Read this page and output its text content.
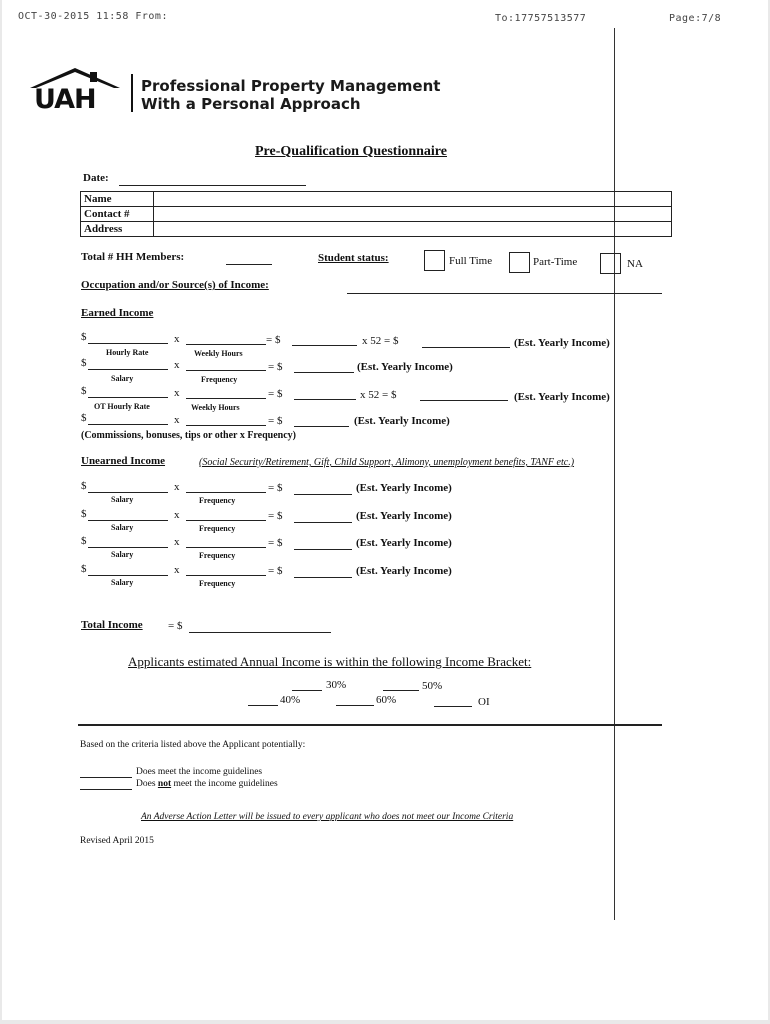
OCT-30-2015 11:58 From:	To:17757513577	Page:7/8
UAH	Professional Property Management
With a Personal Approach
Pre-Qualification Questionnaire
Date:
Name	
Contact #	
Address	
Total # HH Members:	Student status:	Full Time	Part-Time	NA
Occupation and/or Source(s) of Income:
Earned Income
$	x	= $	x 52 = $	(Est. Yearly Income)
Hourly Rate	Weekly Hours
$	x	= $	(Est. Yearly Income)
Salary	Frequency
$	x	= $	x 52 = $	(Est. Yearly Income)
OT Hourly Rate	Weekly Hours
$	x	= $	(Est. Yearly Income)
(Commissions, bonuses, tips or other x Frequency)
Unearned Income	(Social Security/Retirement, Gift, Child Support, Alimony, unemployment benefits, TANF etc.)
$	x	= $	(Est. Yearly Income)
Salary	Frequency
$	x	= $	(Est. Yearly Income)
Salary	Frequency
$	x	= $	(Est. Yearly Income)
Salary	Frequency
$	x	= $	(Est. Yearly Income)
Salary	Frequency
Total Income = $
Applicants estimated Annual Income is within the following Income Bracket:
30%	50%
40%	60%	OI
Based on the criteria listed above the Applicant potentially:
Does meet the income guidelines
Does not meet the income guidelines
An Adverse Action Letter will be issued to every applicant who does not meet our Income Criteria
Revised April 2015
